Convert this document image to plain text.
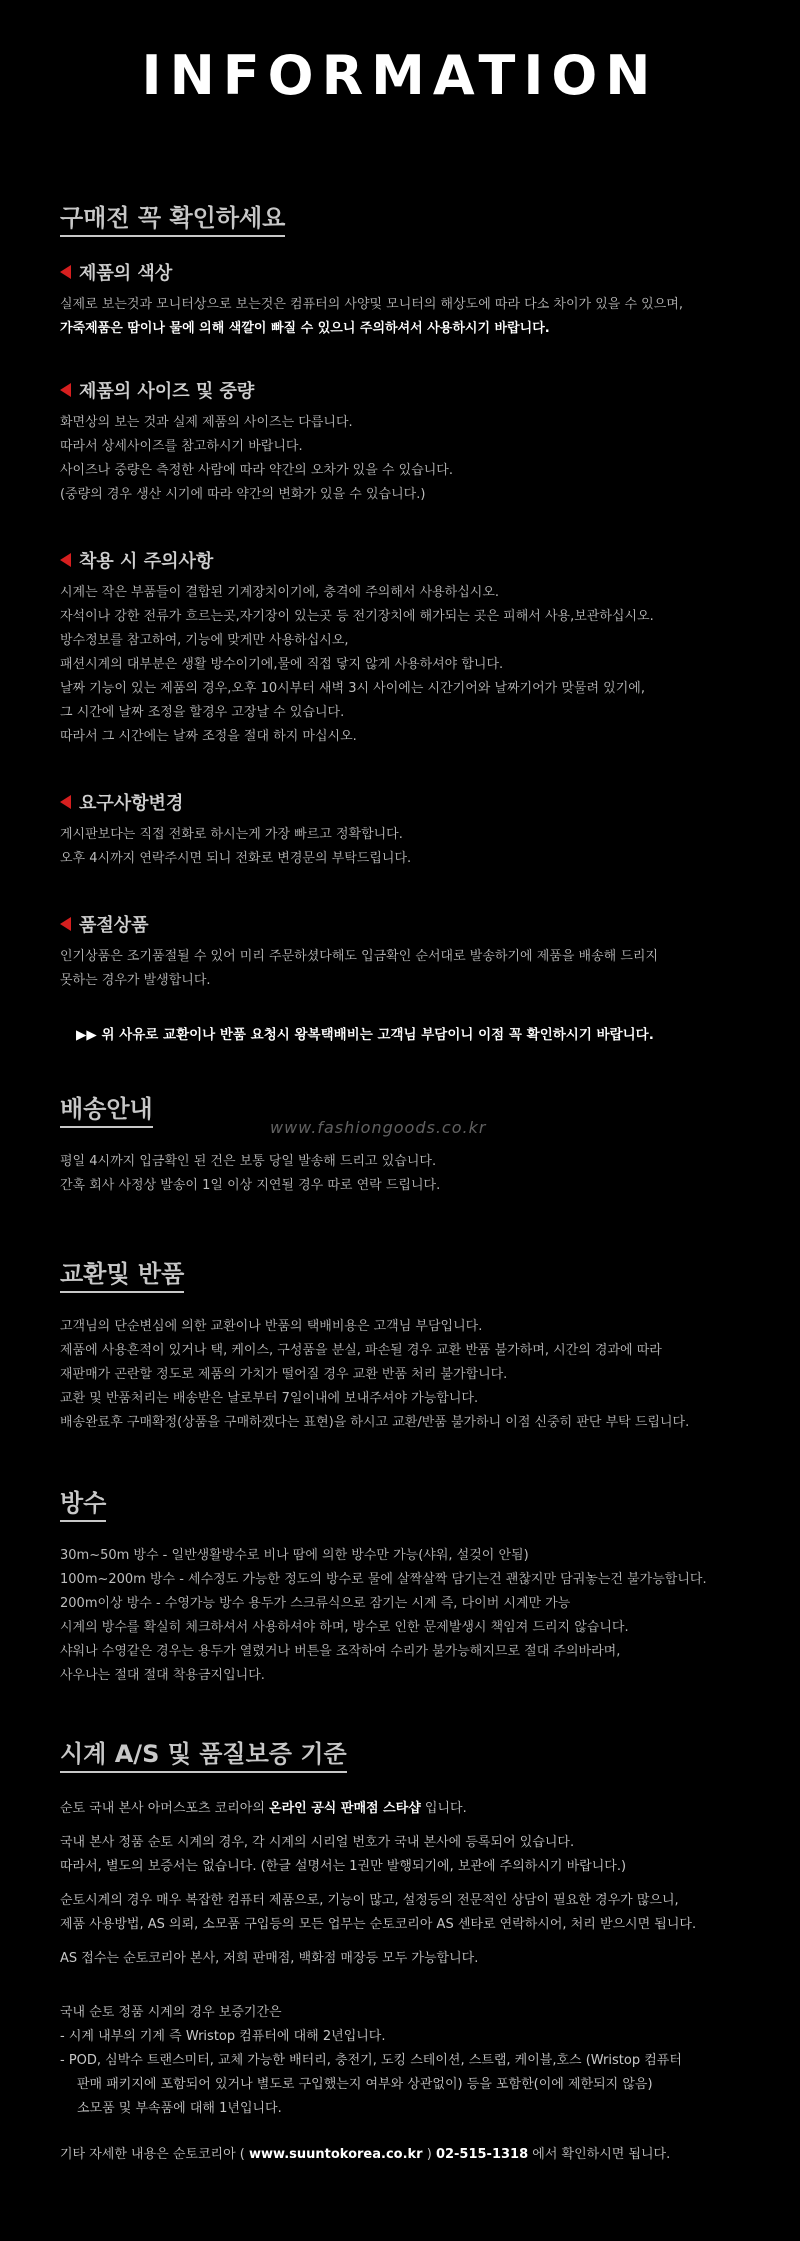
INFORMATION
구매전 꼭 확인하세요
제품의 색상

실제로 보는것과 모니터상으로 보는것은 컴퓨터의 사양및 모니터의 해상도에 따라 다소 차이가 있을 수 있으며,

가죽제품은 땀이나 물에 의해 색깔이 빠질 수 있으니 주의하셔서 사용하시기 바랍니다.

제품의 사이즈 및 중량

화면상의 보는 것과 실제 제품의 사이즈는 다릅니다.

따라서 상세사이즈를 참고하시기 바랍니다.

사이즈나 중량은 측정한 사람에 따라 약간의 오차가 있을 수 있습니다.

(중량의 경우 생산 시기에 따라 약간의 변화가 있을 수 있습니다.)

착용 시 주의사항

시계는 작은 부품들이 결합된 기계장치이기에, 충격에 주의해서 사용하십시오.

자석이나 강한 전류가 흐르는곳,자기장이 있는곳 등 전기장치에 해가되는 곳은 피해서 사용,보관하십시오.

방수정보를 참고하여, 기능에 맞게만 사용하십시오,

패션시계의 대부분은 생활 방수이기에,물에 직접 닿지 않게 사용하셔야 합니다.

날짜 기능이 있는 제품의 경우,오후 10시부터 새벽 3시 사이에는 시간기어와 날짜기어가 맞물려 있기에,

그 시간에 날짜 조정을 할경우 고장날 수 있습니다.

따라서 그 시간에는 날짜 조정을 절대 하지 마십시오.

요구사항변경

게시판보다는 직접 전화로 하시는게 가장 빠르고 정확합니다.

오후 4시까지 연락주시면 되니 전화로 변경문의 부탁드립니다.

품절상품

인기상품은 조기품절될 수 있어 미리 주문하셨다해도 입금확인 순서대로 발송하기에 제품을 배송해 드리지

못하는 경우가 발생합니다.

▶▶ 위 사유로 교환이나 반품 요청시 왕복택배비는 고객님 부담이니 이점 꼭 확인하시기 바랍니다.

배송안내

평일 4시까지 입금확인 된 건은 보통 당일 발송해 드리고 있습니다.

간혹 회사 사정상 발송이 1일 이상 지연될 경우 따로 연락 드립니다.

교환및 반품

고객님의 단순변심에 의한 교환이나 반품의 택배비용은 고객님 부담입니다.

제품에 사용흔적이 있거나 택, 케이스, 구성품을 분실, 파손될 경우 교환 반품 불가하며, 시간의 경과에 따라

재판매가 곤란할 정도로 제품의 가치가 떨어질 경우 교환 반품 처리 불가합니다.

교환 및 반품처리는 배송받은 날로부터 7일이내에 보내주셔야 가능합니다.

배송완료후 구매확정(상품을 구매하겠다는 표현)을 하시고 교환/반품 불가하니 이점 신중히 판단 부탁 드립니다.

방수

30m~50m 방수 - 일반생활방수로 비나 땀에 의한 방수만 가능(샤워, 설겆이 안됨)

100m~200m 방수 - 세수정도 가능한 정도의 방수로 물에 살짝살짝 담기는건 괜찮지만 담궈놓는건 불가능합니다.

200m이상 방수 - 수영가능 방수 용두가 스크류식으로 잠기는 시계 즉, 다이버 시계만 가능

시계의 방수를 확실히 체크하셔서 사용하셔야 하며, 방수로 인한 문제발생시 책임져 드리지 않습니다.

샤워나 수영같은 경우는 용두가 열렸거나 버튼을 조작하여 수리가 불가능해지므로 절대 주의바라며,

사우나는 절대 절대 착용금지입니다.

시계 A/S 및 품질보증 기준

순토 국내 본사 아머스포츠 코리아의 온라인 공식 판매점 스타샵 입니다.

국내 본사 정품 순토 시계의 경우, 각 시계의 시리얼 번호가 국내 본사에 등록되어 있습니다.

따라서, 별도의 보증서는 없습니다. (한글 설명서는 1권만 발행되기에, 보관에 주의하시기 바랍니다.)

순토시계의 경우 매우 복잡한 컴퓨터 제품으로, 기능이 많고, 설정등의 전문적인 상담이 필요한 경우가 많으니,

제품 사용방법, AS 의뢰, 소모품 구입등의 모든 업무는 순토코리아 AS 센타로 연락하시어, 처리 받으시면 됩니다.

AS 접수는 순토코리아 본사, 저희 판매점, 백화점 매장등 모두 가능합니다.

국내 순토 정품 시계의 경우 보증기간은

- 시계 내부의 기계 즉 Wristop 컴퓨터에 대해 2년입니다.

- POD, 심박수 트랜스미터, 교체 가능한 배터리, 충전기, 도킹 스테이션, 스트랩, 케이블,호스 (Wristop 컴퓨터

판매 패키지에 포함되어 있거나 별도로 구입했는지 여부와 상관없이) 등을 포함한(이에 제한되지 않음)

소모품 및 부속품에 대해 1년입니다.

기타 자세한 내용은 순토코리아 ( www.suuntokorea.co.kr ) 02-515-1318 에서 확인하시면 됩니다.

www.fashiongoods.co.kr
